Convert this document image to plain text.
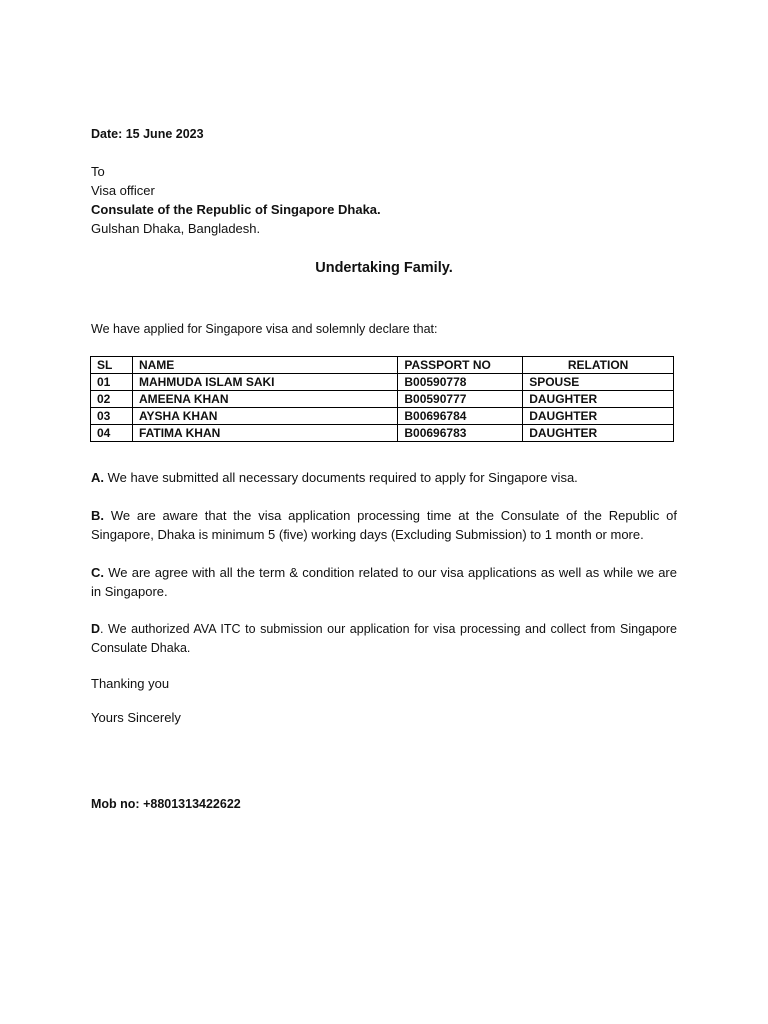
Date: 15 June 2023
To
Visa officer
Consulate of the Republic of Singapore Dhaka.
Gulshan Dhaka, Bangladesh.
Undertaking Family.
We have applied for Singapore visa and solemnly declare that:
SL	NAME	PASSPORT NO	RELATION
01	MAHMUDA ISLAM SAKI	B00590778	SPOUSE
02	AMEENA KHAN	B00590777	DAUGHTER
03	AYSHA KHAN	B00696784	DAUGHTER
04	FATIMA KHAN	B00696783	DAUGHTER

A. We have submitted all necessary documents required to apply for Singapore visa.

B. We are aware that the visa application processing time at the Consulate of the Republic of Singapore, Dhaka is minimum 5 (five) working days (Excluding Submission) to 1 month or more.

C. We are agree with all the term & condition related to our visa applications as well as while we are in Singapore.

D. We authorized AVA ITC to submission our application for visa processing and collect from Singapore Consulate Dhaka.

Thanking you
Yours Sincerely
Mob no: +8801313422622
